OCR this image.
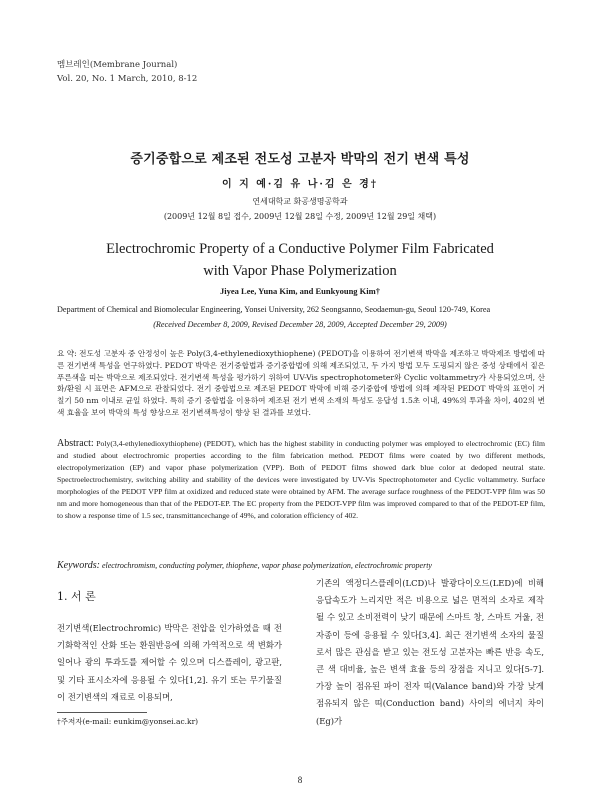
멤브레인(Membrane Journal)
Vol. 20, No. 1 March, 2010, 8-12
증기중합으로 제조된 전도성 고분자 박막의 전기 변색 특성
이 지 예·김 유 나·김 은 경†
연세대학교 화공생명공학과
(2009년 12월 8일 접수, 2009년 12월 28일 수정, 2009년 12월 29일 채택)
Electrochromic Property of a Conductive Polymer Film Fabricated
with Vapor Phase Polymerization
Jiyea Lee, Yuna Kim, and Eunkyoung Kim†
Department of Chemical and Biomolecular Engineering, Yonsei University, 262 Seongsanno, Seodaemun-gu, Seoul 120-749, Korea
(Received December 8, 2009, Revised December 28, 2009, Accepted December 29, 2009)
요 약: 전도성 고분자 중 안정성이 높은 Poly(3,4-ethylenedioxythiophene) (PEDOT)을 이용하여 전기변색 박막을 제조하고 박막제조 방법에 따른 전기변색 특성을 연구하였다. PEDOT 박막은 전기중합법과 증기중합법에 의해 제조되었고, 두 가지 방법 모두 도핑되지 않은 중성 상태에서 짙은 푸른색을 띠는 박막으로 제조되었다. 전기변색 특성을 평가하기 위하여 UV-Vis spectrophotometer와 Cyclic voltammetry가 사용되었으며, 산화/환원 시 표면은 AFM으로 관찰되었다. 전기 중합법으로 제조된 PEDOT 박막에 비해 증기중합에 방법에 의해 제작된 PEDOT 박막의 표면이 거칠기 50 nm 이내로 균일 하였다. 특히 증기 중합법을 이용하여 제조된 전기 변색 소재의 특성도 응답성 1.5초 이내, 49%의 투과율 차이, 402의 변색 효율을 보여 박막의 특성 향상으로 전기변색특성이 향상 된 결과를 보였다.
Abstract: Poly(3,4-ethylenedioxythiophene) (PEDOT), which has the highest stability in conducting polymer was employed to electrochromic (EC) film and studied about electrochromic properties according to the film fabrication method. PEDOT films were coated by two different methods, electropolymerization (EP) and vapor phase polymerization (VPP). Both of PEDOT films showed dark blue color at dedoped neutral state. Spectroelectrochemistry, switching ability and stability of the devices were investigated by UV-Vis Spectrophotometer and Cyclic voltammetry. Surface morphologies of the PEDOT VPP film at oxidized and reduced state were obtained by AFM. The average surface roughness of the PEDOT-VPP film was 50 nm and more homogeneous than that of the PEDOT-EP. The EC property from the PEDOT-VPP film was improved compared to that of the PEDOT-EP film, to show a response time of 1.5 sec, transmittancechange of 49%, and coloration efficiency of 402.
Keywords: electrochromism, conducting polymer, thiophene, vapor phase polymerization, electrochromic property
1. 서 론
전기변색(Electrochromic) 박막은 전압을 인가하였을 때 전기화학적인 산화 또는 환원반응에 의해 가역적으로 색 변화가 일어나 광의 투과도를 제어할 수 있으며 디스플레이, 광고판, 및 기타 표시소자에 응용될 수 있다[1,2]. 유기 또는 무기물질이 전기변색의 재료로 이용되며,
기존의 액정디스플레이(LCD)나 발광다이오드(LED)에 비해 응답속도가 느리지만 적은 비용으로 넓은 면적의 소자로 제작될 수 있고 소비전력이 낮기 때문에 스마트 창, 스마트 거울, 전자종이 등에 응용될 수 있다[3,4]. 최근 전기변색 소자의 물질로서 많은 관심을 받고 있는 전도성 고분자는 빠른 반응 속도, 큰 색 대비율, 높은 변색 효율 등의 장점을 지니고 있다[5-7]. 가장 높이 점유된 파이 전자 띠(Valance band)와 가장 낮게 점유되지 않은 띠(Conduction band) 사이의 에너지 차이(Eg)가
†주저자(e-mail: eunkim@yonsei.ac.kr)
8
